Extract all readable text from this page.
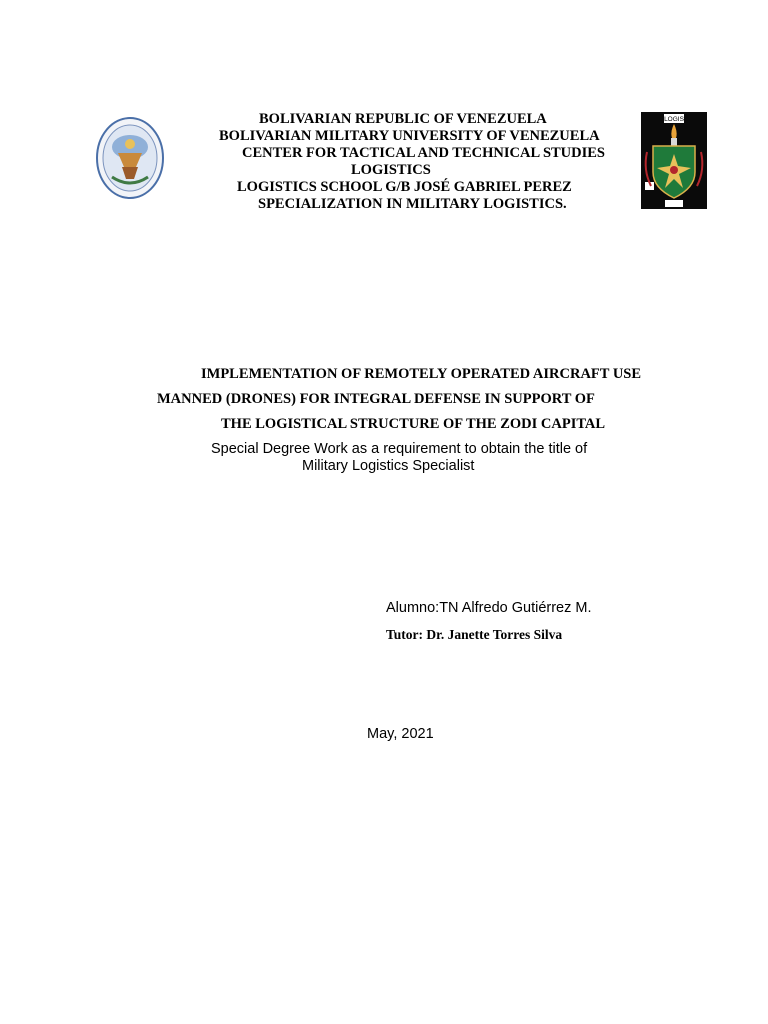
LOGIS
BOLIVARIAN REPUBLIC OF VENEZUELA
BOLIVARIAN MILITARY UNIVERSITY OF VENEZUELA
CENTER FOR TACTICAL AND TECHNICAL STUDIES
LOGISTICS
LOGISTICS SCHOOL G/B JOSÉ GABRIEL PEREZ
SPECIALIZATION IN MILITARY LOGISTICS.
IMPLEMENTATION OF REMOTELY OPERATED AIRCRAFT USE
MANNED (DRONES) FOR INTEGRAL DEFENSE IN SUPPORT OF
THE LOGISTICAL STRUCTURE OF THE ZODI CAPITAL
Special Degree Work as a requirement to obtain the title of
Military Logistics Specialist
Alumno:TN Alfredo Gutiérrez M.
Tutor: Dr. Janette Torres Silva
May, 2021
